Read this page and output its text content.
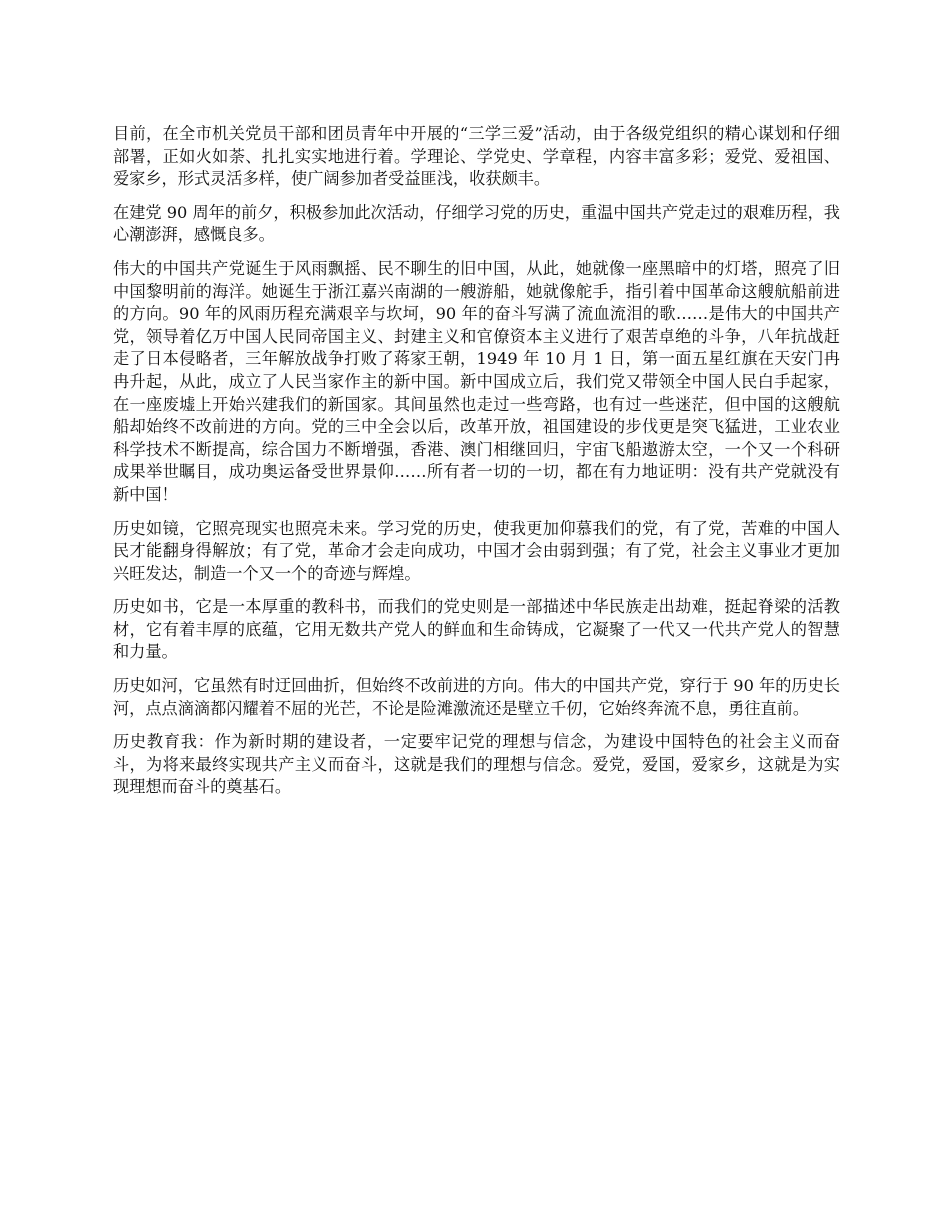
目前，在全市机关党员干部和团员青年中开展的“三学三爱”活动，由于各级党组织的精心谋划和仔细部署，正如火如荼、扎扎实实地进行着。学理论、学党史、学章程，内容丰富多彩；爱党、爱祖国、爱家乡，形式灵活多样，使广阔参加者受益匪浅，收获颇丰。

在建党 90 周年的前夕，积极参加此次活动，仔细学习党的历史，重温中国共产党走过的艰难历程，我心潮澎湃，感慨良多。

伟大的中国共产党诞生于风雨飘摇、民不聊生的旧中国，从此，她就像一座黑暗中的灯塔，照亮了旧中国黎明前的海洋。她诞生于浙江嘉兴南湖的一艘游船，她就像舵手，指引着中国革命这艘航船前进的方向。90 年的风雨历程充满艰辛与坎坷，90 年的奋斗写满了流血流泪的歌……是伟大的中国共产党，领导着亿万中国人民同帝国主义、封建主义和官僚资本主义进行了艰苦卓绝的斗争，八年抗战赶走了日本侵略者，三年解放战争打败了蒋家王朝，1949 年 10 月 1 日，第一面五星红旗在天安门冉冉升起，从此，成立了人民当家作主的新中国。新中国成立后，我们党又带领全中国人民白手起家，在一座废墟上开始兴建我们的新国家。其间虽然也走过一些弯路，也有过一些迷茫，但中国的这艘航船却始终不改前进的方向。党的三中全会以后，改革开放，祖国建设的步伐更是突飞猛进，工业农业科学技术不断提高，综合国力不断增强，香港、澳门相继回归，宇宙飞船遨游太空，一个又一个科研成果举世瞩目，成功奥运备受世界景仰……所有者一切的一切，都在有力地证明：没有共产党就没有新中国！

历史如镜，它照亮现实也照亮未来。学习党的历史，使我更加仰慕我们的党，有了党，苦难的中国人民才能翻身得解放；有了党，革命才会走向成功，中国才会由弱到强；有了党，社会主义事业才更加兴旺发达，制造一个又一个的奇迹与辉煌。

历史如书，它是一本厚重的教科书，而我们的党史则是一部描述中华民族走出劫难，挺起脊梁的活教材，它有着丰厚的底蕴，它用无数共产党人的鲜血和生命铸成，它凝聚了一代又一代共产党人的智慧和力量。

历史如河，它虽然有时迂回曲折，但始终不改前进的方向。伟大的中国共产党，穿行于 90 年的历史长河，点点滴滴都闪耀着不屈的光芒，不论是险滩激流还是壁立千仞，它始终奔流不息，勇往直前。

历史教育我：作为新时期的建设者，一定要牢记党的理想与信念，为建设中国特色的社会主义而奋斗，为将来最终实现共产主义而奋斗，这就是我们的理想与信念。爱党，爱国，爱家乡，这就是为实现理想而奋斗的奠基石。
